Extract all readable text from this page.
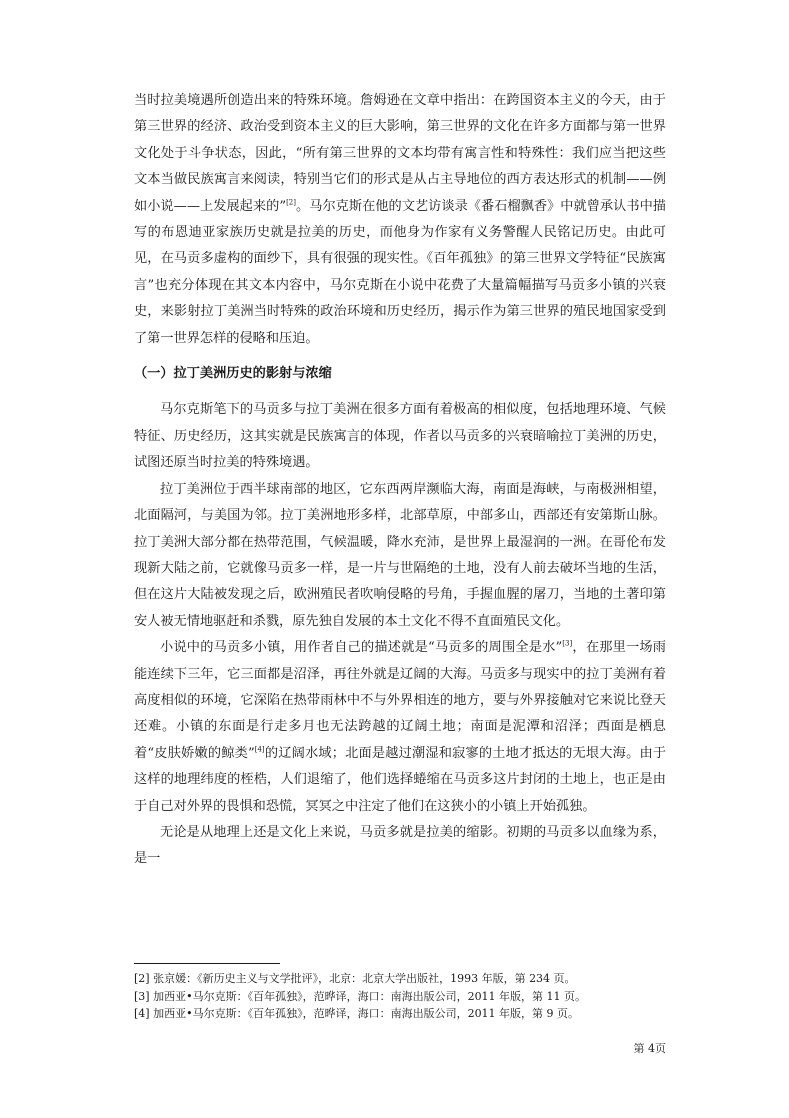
当时拉美境遇所创造出来的特殊环境。詹姆逊在文章中指出：在跨国资本主义的今天，由于第三世界的经济、政治受到资本主义的巨大影响，第三世界的文化在许多方面都与第一世界文化处于斗争状态，因此，“所有第三世界的文本均带有寓言性和特殊性：我们应当把这些文本当做民族寓言来阅读，特别当它们的形式是从占主导地位的西方表达形式的机制——例如小说——上发展起来的”[2]。马尔克斯在他的文艺访谈录《番石榴飘香》中就曾承认书中描写的布恩迪亚家族历史就是拉美的历史，而他身为作家有义务警醒人民铭记历史。由此可见，在马贡多虚构的面纱下，具有很强的现实性。《百年孤独》的第三世界文学特征“民族寓言”也充分体现在其文本内容中，马尔克斯在小说中花费了大量篇幅描写马贡多小镇的兴衰史，来影射拉丁美洲当时特殊的政治环境和历史经历，揭示作为第三世界的殖民地国家受到了第一世界怎样的侵略和压迫。

（一）拉丁美洲历史的影射与浓缩

马尔克斯笔下的马贡多与拉丁美洲在很多方面有着极高的相似度，包括地理环境、气候特征、历史经历，这其实就是民族寓言的体现，作者以马贡多的兴衰暗喻拉丁美洲的历史，试图还原当时拉美的特殊境遇。

拉丁美洲位于西半球南部的地区，它东西两岸濒临大海，南面是海峡，与南极洲相望，北面隔河，与美国为邻。拉丁美洲地形多样，北部草原，中部多山，西部还有安第斯山脉。拉丁美洲大部分都在热带范围，气候温暖，降水充沛，是世界上最湿润的一洲。在哥伦布发现新大陆之前，它就像马贡多一样，是一片与世隔绝的土地，没有人前去破坏当地的生活，但在这片大陆被发现之后，欧洲殖民者吹响侵略的号角，手握血腥的屠刀，当地的土著印第安人被无情地驱赶和杀戮，原先独自发展的本土文化不得不直面殖民文化。

小说中的马贡多小镇，用作者自己的描述就是“马贡多的周围全是水”[3]，在那里一场雨能连续下三年，它三面都是沼泽，再往外就是辽阔的大海。马贡多与现实中的拉丁美洲有着高度相似的环境，它深陷在热带雨林中不与外界相连的地方，要与外界接触对它来说比登天还难。小镇的东面是行走多月也无法跨越的辽阔土地；南面是泥潭和沼泽；西面是栖息着“皮肤娇嫩的鲸类”[4]的辽阔水域；北面是越过潮湿和寂寥的土地才抵达的无垠大海。由于这样的地理纬度的桎梏，人们退缩了，他们选择蜷缩在马贡多这片封闭的土地上，也正是由于自己对外界的畏惧和恐慌，冥冥之中注定了他们在这狭小的小镇上开始孤独。

无论是从地理上还是文化上来说，马贡多就是拉美的缩影。初期的马贡多以血缘为系，是一

[2] 张京媛：《新历史主义与文学批评》，北京：北京大学出版社，1993 年版，第 234 页。

[3] 加西亚•马尔克斯：《百年孤独》，范晔译，海口：南海出版公司，2011 年版，第 11 页。

[4] 加西亚•马尔克斯：《百年孤独》，范晔译，海口：南海出版公司，2011 年版，第 9 页。

第 4页
